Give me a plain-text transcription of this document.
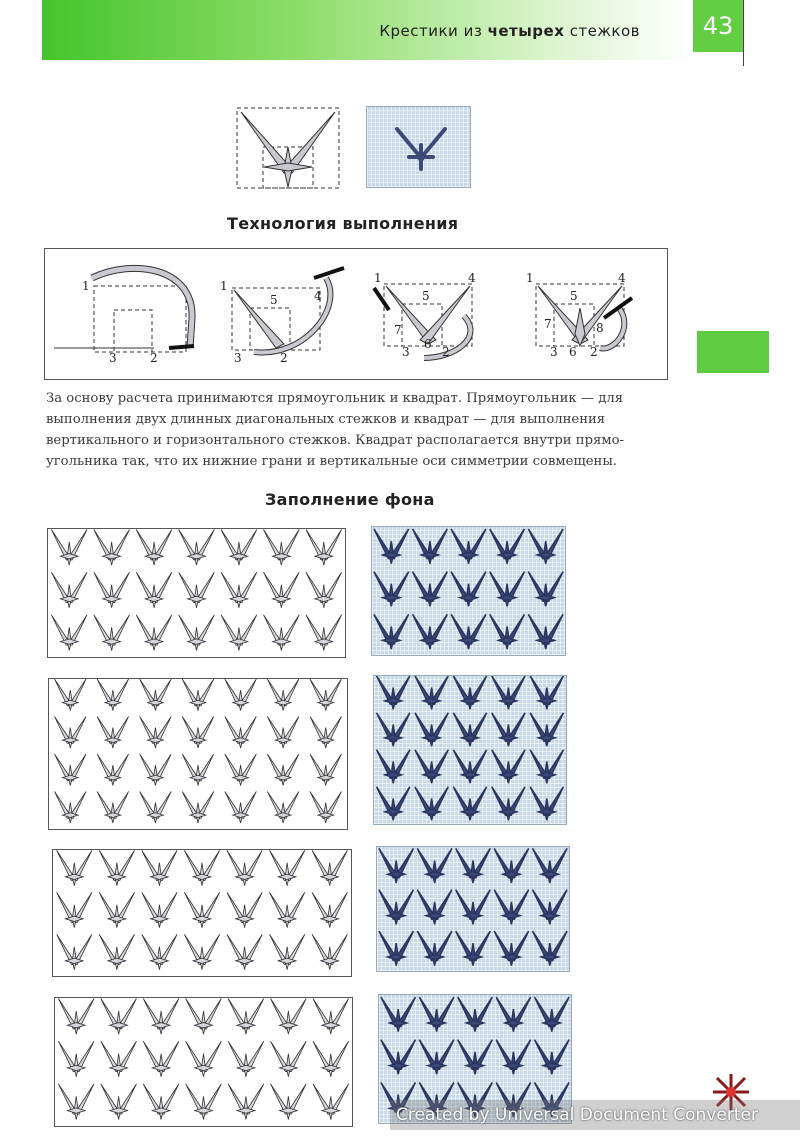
Крестики из четырех стежков	43
Технология выполнения
1
3	2
1
5	4
3	2
1
5
4
7
3
6
2
1
5
4
7	8
3 6 2
За основу расчета принимаются прямоугольник и квадрат. Прямоугольник — для
выполнения двух длинных диагональных стежков и квадрат — для выполнения
вертикального и горизонтального стежков. Квадрат располагается внутри прямо-
угольника так, что их нижние грани и вертикальные оси симметрии совмещены.
Заполнение фона
Created by Universal Document Converter
